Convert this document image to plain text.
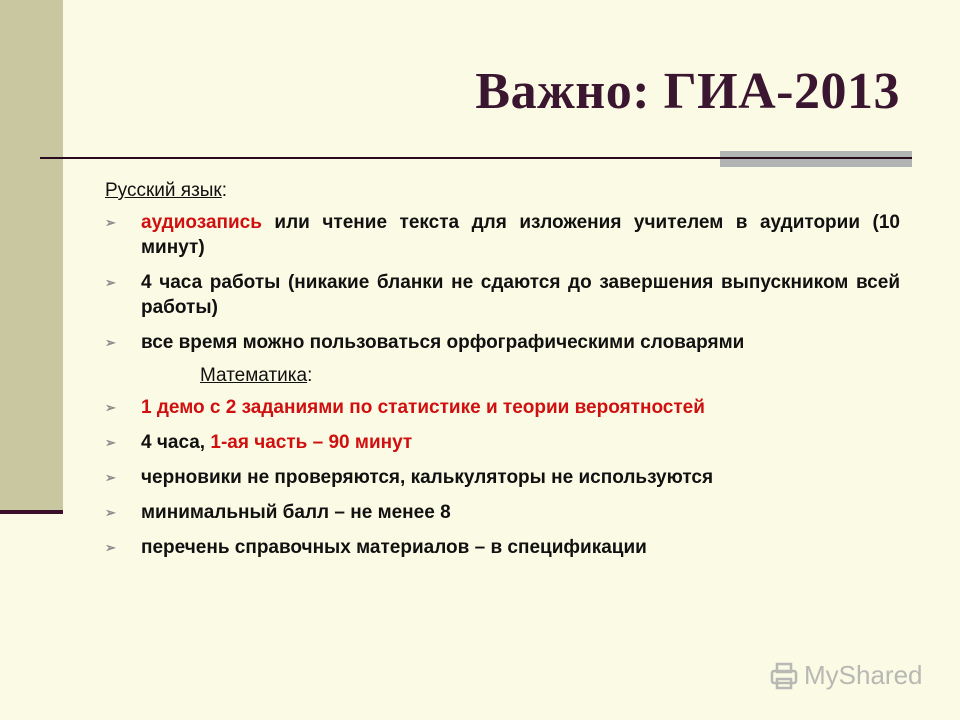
Важно: ГИА-2013
Русский язык:
➢	аудиозапись или чтение текста для изложения учителем в аудитории (10 минут)
➢	4 часа работы (никакие бланки не сдаются до завершения выпускником всей работы)
➢	все время можно пользоваться орфографическими словарями
Математика:
➢	1 демо с 2 заданиями по статистике и теории вероятностей
➢	4 часа, 1-ая часть – 90 минут
➢	черновики не проверяются, калькуляторы не используются
➢	минимальный балл – не менее 8
➢	перечень справочных материалов – в спецификации
MyShared
